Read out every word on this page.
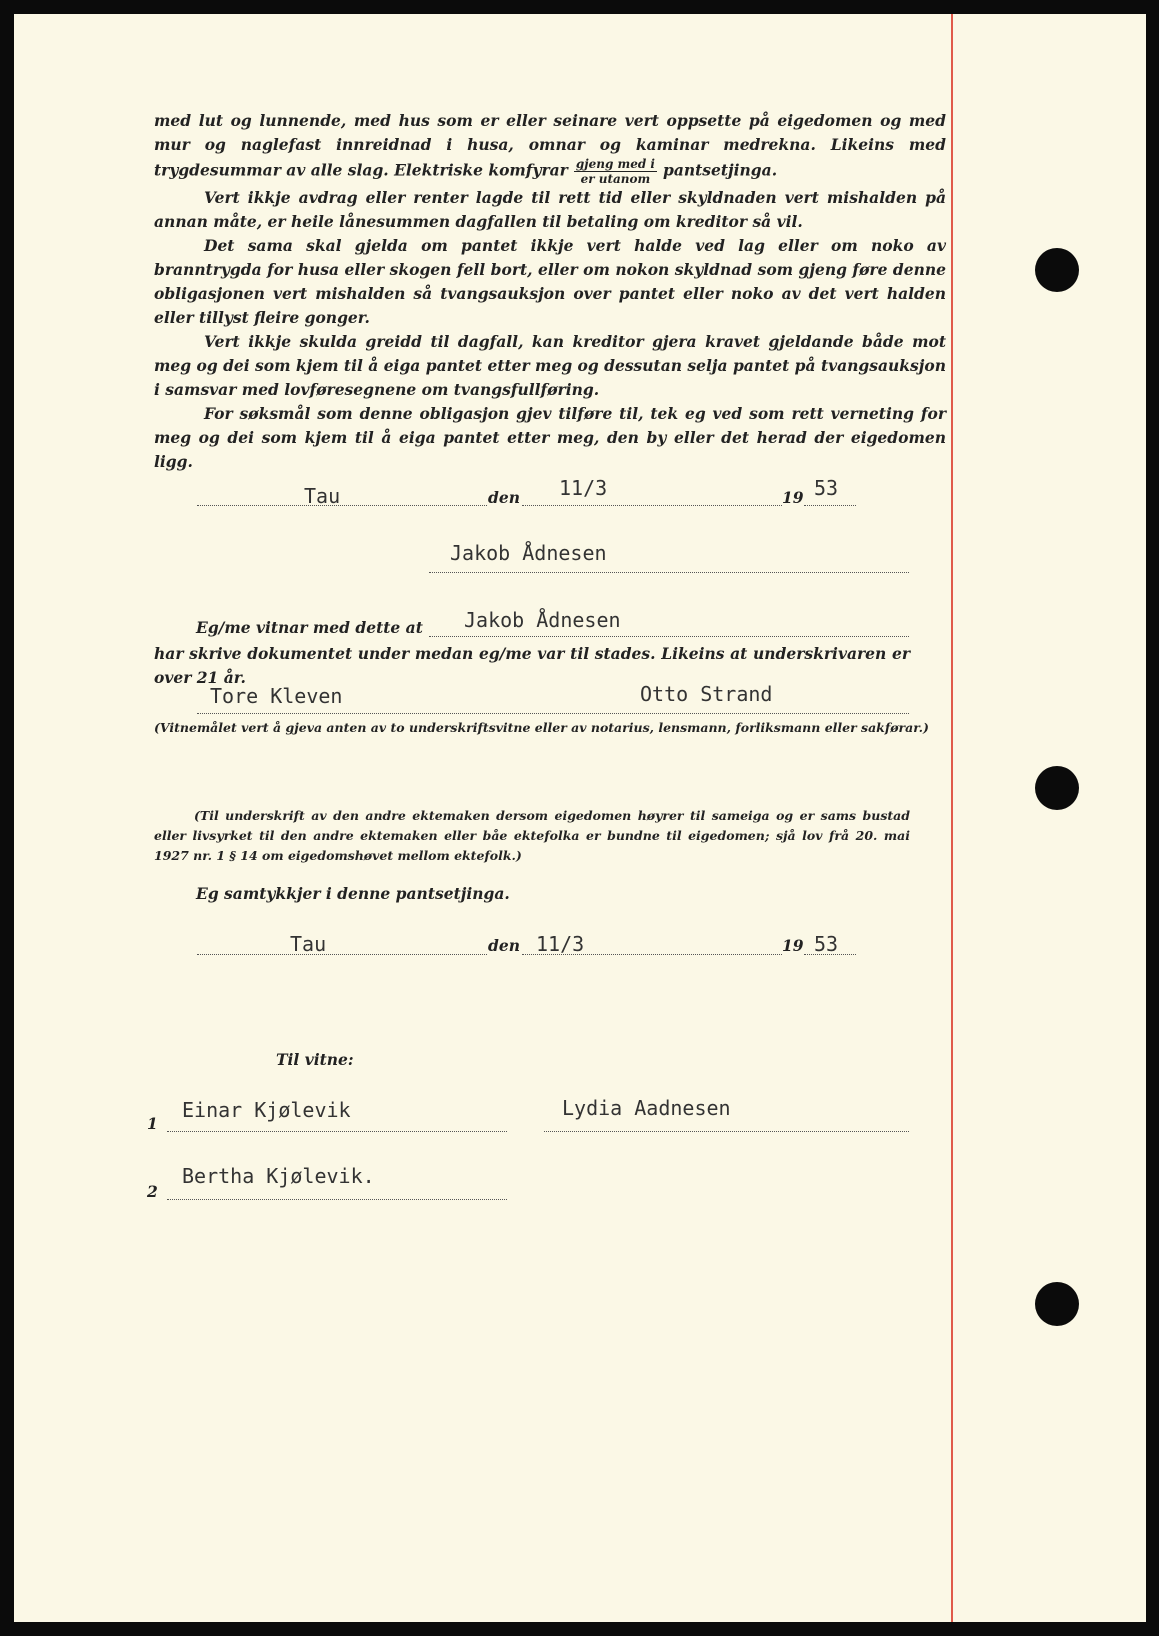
med lut og lunnende, med hus som er eller seinare vert oppsette på eigedomen og med mur og naglefast innreidnad i husa, omnar og kaminar medrekna. Likeins med trygdesummar av alle slag. Elektriske komfyrar $\frac{\text{gjeng med i}}{\text{er utanom}}$ pantsetjinga.

Vert ikkje avdrag eller renter lagde til rett tid eller skyldnaden vert mishalden på annan måte, er heile lånesummen dagfallen til betaling om kreditor så vil.

Det sama skal gjelda om pantet ikkje vert halde ved lag eller om noko av branntrygda for husa eller skogen fell bort, eller om nokon skyldnad som gjeng føre denne obligasjonen vert mishalden så tvangsauksjon over pantet eller noko av det vert halden eller tillyst fleire gonger.

Vert ikkje skulda greidd til dagfall, kan kreditor gjera kravet gjeldande både mot meg og dei som kjem til å eiga pantet etter meg og dessutan selja pantet på tvangsauksjon i samsvar med lovføresegnene om tvangsfullføring.

For søksmål som denne obligasjon gjev tilføre til, tek eg ved som rett verneting for meg og dei som kjem til å eiga pantet etter meg, den by eller det herad der eigedomen ligg.

Tau	den 11/3	19 53
Jakob Ådnesen
Eg/me vitnar med dette at Jakob Ådnesen
har skrive dokumentet under medan eg/me var til stades. Likeins at underskrivaren er over 21 år.
Tore Kleven	Otto Strand
(Vitnemålet vert å gjeva anten av to underskriftsvitne eller av notarius, lensmann, forliksmann eller sakførar.)
(Til underskrift av den andre ektemaken dersom eigedomen høyrer til sameiga og er sams bustad eller livsyrket til den andre ektemaken eller båe ektefolka er bundne til eigedomen; sjå lov frå 20. mai 1927 nr. 1 § 14 om eigedomshøvet mellom ektefolk.)
Eg samtykkjer i denne pantsetjinga.
Tau	den 11/3	19 53
Til vitne:
1
Einar Kjølevik	Lydia Aadnesen
2
Bertha Kjølevik.
